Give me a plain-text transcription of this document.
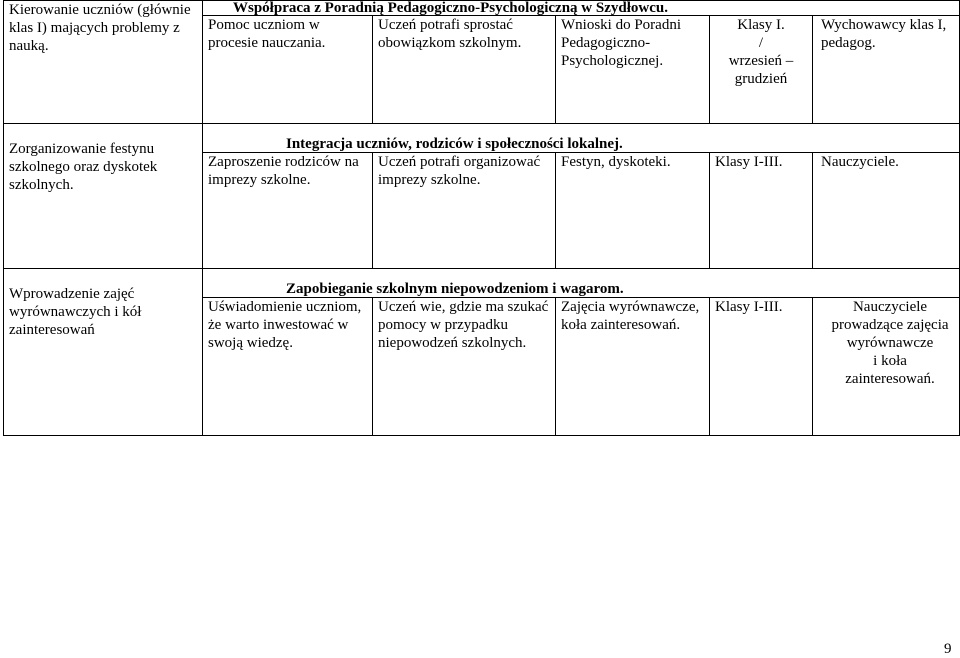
Kierowanie uczniów (głównie klas I) mających problemy z nauką.	Współpraca z Poradnią Pedagogiczno-Psychologiczną w Szydłowcu.				
	Pomoc uczniom w procesie nauczania.	Uczeń potrafi sprostać obowiązkom szkolnym.	Wnioski do Poradni Pedagogiczno-Psychologicznej.	Klasy I.
/
wrzesień –
grudzień	Wychowawcy klas I, pedagog.
Zorganizowanie festynu szkolnego oraz dyskotek szkolnych.	Integracja uczniów, rodziców i społeczności lokalnej.				
	Zaproszenie rodziców na imprezy szkolne.	Uczeń potrafi organizować imprezy szkolne.	Festyn, dyskoteki.	Klasy I-III.	Nauczyciele.
Wprowadzenie zajęć wyrównawczych i kół zainteresowań	Zapobieganie szkolnym niepowodzeniom i wagarom.				
	Uświadomienie uczniom, że warto inwestować w swoją wiedzę.	Uczeń wie, gdzie ma szukać pomocy w przypadku niepowodzeń szkolnych.	Zajęcia wyrównawcze, koła zainteresowań.	Klasy I-III.	Nauczyciele
prowadzące zajęcia
wyrównawcze
i koła
zainteresowań.
9
